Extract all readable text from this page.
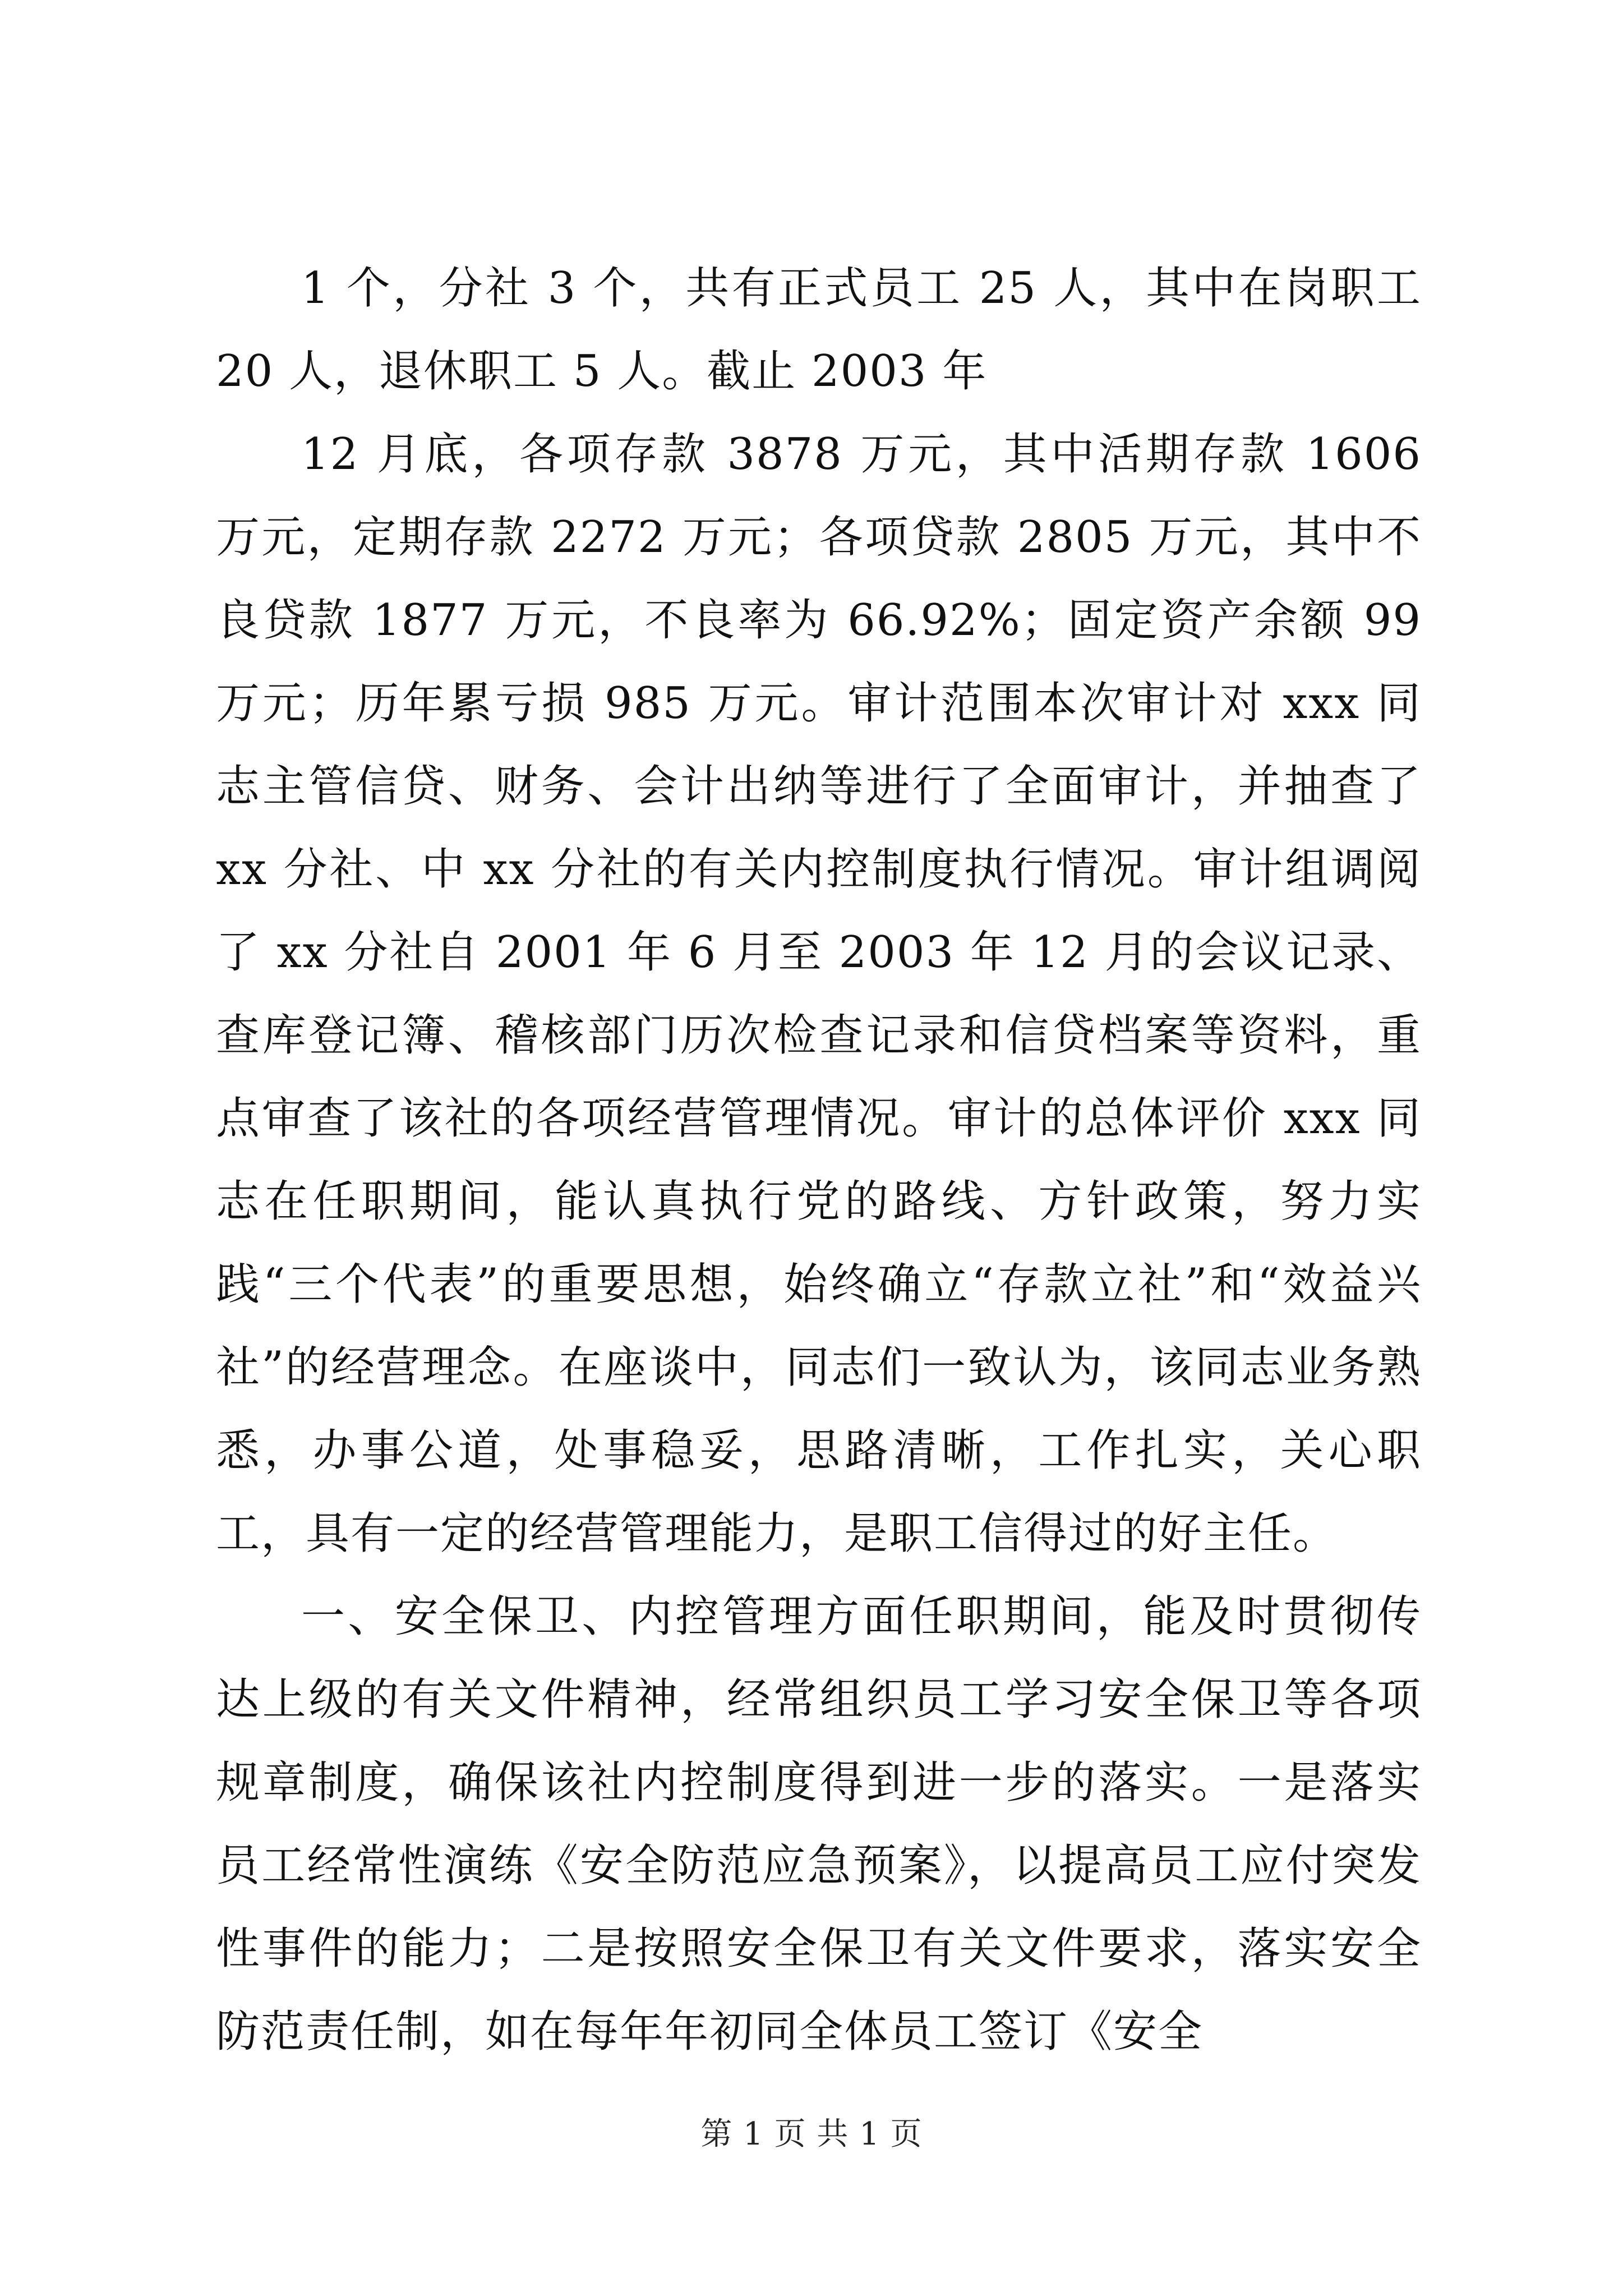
1 个，分社 3 个，共有正式员工 25 人，其中在岗职工 20 人，退休职工 5 人。截止 2003 年

12 月底，各项存款 3878 万元，其中活期存款 1606 万元，定期存款 2272 万元；各项贷款 2805 万元，其中不良贷款 1877 万元，不良率为 66.92%；固定资产余额 99 万元；历年累亏损 985 万元。审计范围本次审计对 xxx 同志主管信贷、财务、会计出纳等进行了全面审计，并抽查了 xx 分社、中 xx 分社的有关内控制度执行情况。审计组调阅了 xx 分社自 2001 年 6 月至 2003 年 12 月的会议记录、查库登记簿、稽核部门历次检查记录和信贷档案等资料，重点审查了该社的各项经营管理情况。审计的总体评价 xxx 同志在任职期间，能认真执行党的路线、方针政策，努力实践“三个代表”的重要思想，始终确立“存款立社”和“效益兴社”的经营理念。在座谈中，同志们一致认为，该同志业务熟悉，办事公道，处事稳妥，思路清晰，工作扎实，关心职工，具有一定的经营管理能力，是职工信得过的好主任。

一、安全保卫、内控管理方面任职期间，能及时贯彻传达上级的有关文件精神，经常组织员工学习安全保卫等各项规章制度，确保该社内控制度得到进一步的落实。一是落实员工经常性演练《安全防范应急预案》，以提高员工应付突发性事件的能力；二是按照安全保卫有关文件要求，落实安全防范责任制，如在每年年初同全体员工签订《安全

第 1 页 共 1 页
